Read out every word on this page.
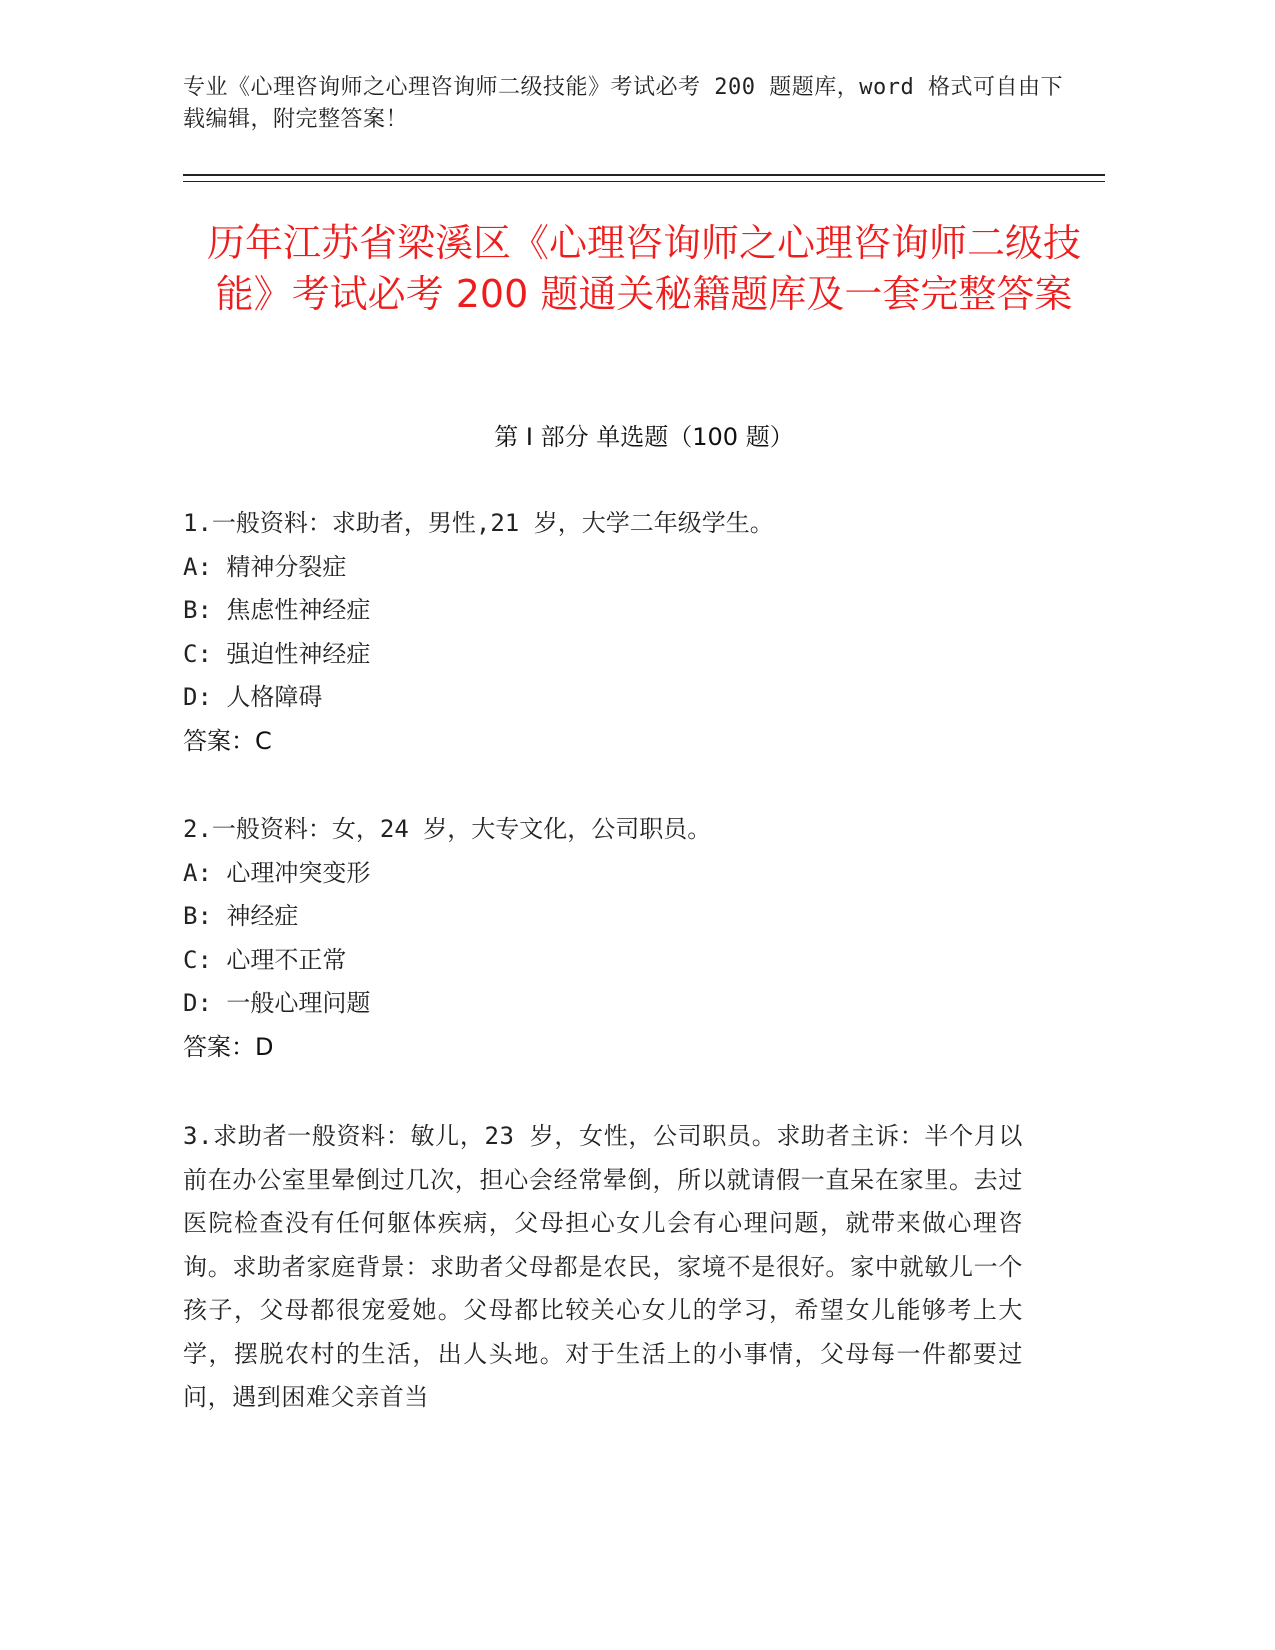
专业《心理咨询师之心理咨询师二级技能》考试必考 200 题题库，word 格式可自由下载编辑，附完整答案！
历年江苏省梁溪区《心理咨询师之心理咨询师二级技能》考试必考 200 题通关秘籍题库及一套完整答案
第 I 部分 单选题（100 题）
1.一般资料：求助者，男性,21 岁，大学二年级学生。
A: 精神分裂症
B: 焦虑性神经症
C: 强迫性神经症
D: 人格障碍
答案：C
2.一般资料：女，24 岁，大专文化，公司职员。
A: 心理冲突变形
B: 神经症
C: 心理不正常
D: 一般心理问题
答案：D
3.求助者一般资料：敏儿，23 岁，女性，公司职员。求助者主诉：半个月以前在办公室里晕倒过几次，担心会经常晕倒，所以就请假一直呆在家里。去过医院检查没有任何躯体疾病，父母担心女儿会有心理问题，就带来做心理咨询。求助者家庭背景：求助者父母都是农民，家境不是很好。家中就敏儿一个孩子，父母都很宠爱她。父母都比较关心女儿的学习，希望女儿能够考上大学，摆脱农村的生活，出人头地。对于生活上的小事情，父母每一件都要过问，遇到困难父亲首当
